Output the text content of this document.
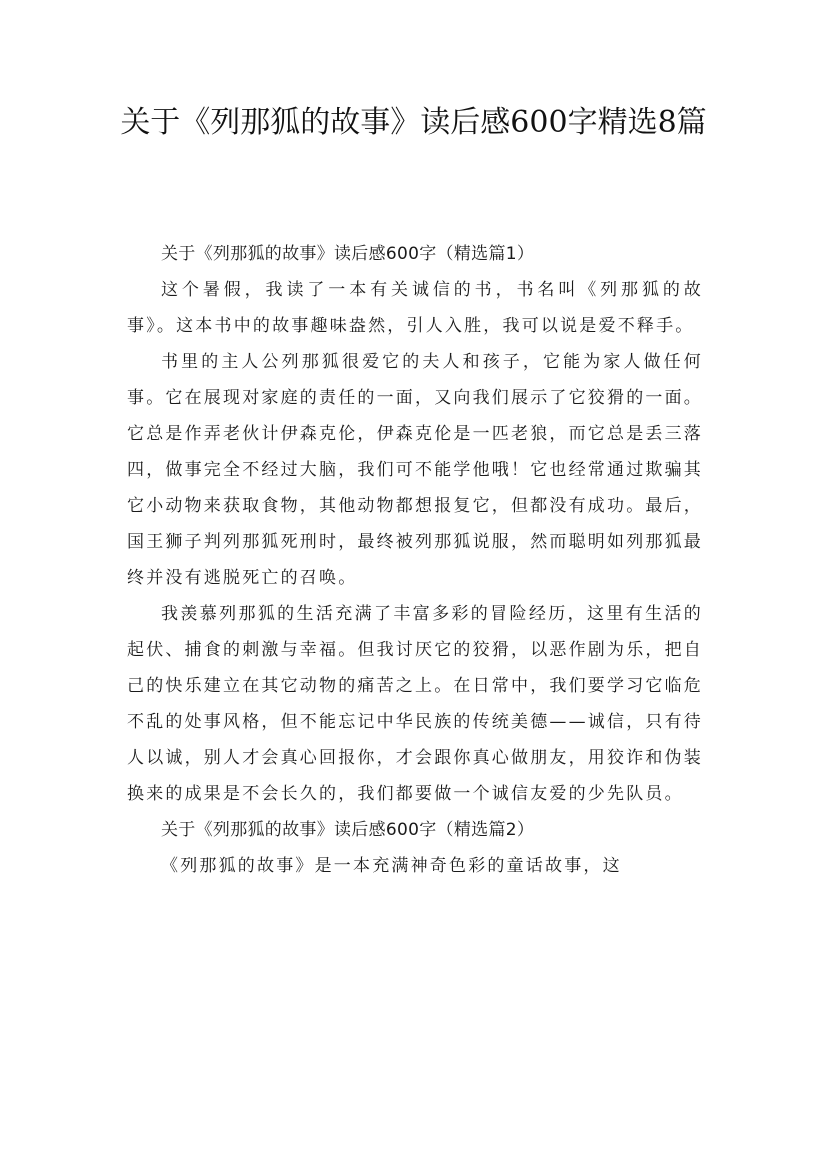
关于《列那狐的故事》读后感600字精选8篇

关于《列那狐的故事》读后感600字（精选篇1）

这个暑假，我读了一本有关诚信的书，书名叫《列那狐的故事》。这本书中的故事趣味盎然，引人入胜，我可以说是爱不释手。

书里的主人公列那狐很爱它的夫人和孩子，它能为家人做任何事。它在展现对家庭的责任的一面，又向我们展示了它狡猾的一面。它总是作弄老伙计伊森克伦，伊森克伦是一匹老狼，而它总是丢三落四，做事完全不经过大脑，我们可不能学他哦！它也经常通过欺骗其它小动物来获取食物，其他动物都想报复它，但都没有成功。最后，国王狮子判列那狐死刑时，最终被列那狐说服，然而聪明如列那狐最终并没有逃脱死亡的召唤。

我羡慕列那狐的生活充满了丰富多彩的冒险经历，这里有生活的起伏、捕食的刺激与幸福。但我讨厌它的狡猾，以恶作剧为乐，把自己的快乐建立在其它动物的痛苦之上。在日常中，我们要学习它临危不乱的处事风格，但不能忘记中华民族的传统美德——诚信，只有待人以诚，别人才会真心回报你，才会跟你真心做朋友，用狡诈和伪装换来的成果是不会长久的，我们都要做一个诚信友爱的少先队员。

关于《列那狐的故事》读后感600字（精选篇2）

《列那狐的故事》是一本充满神奇色彩的童话故事，这
